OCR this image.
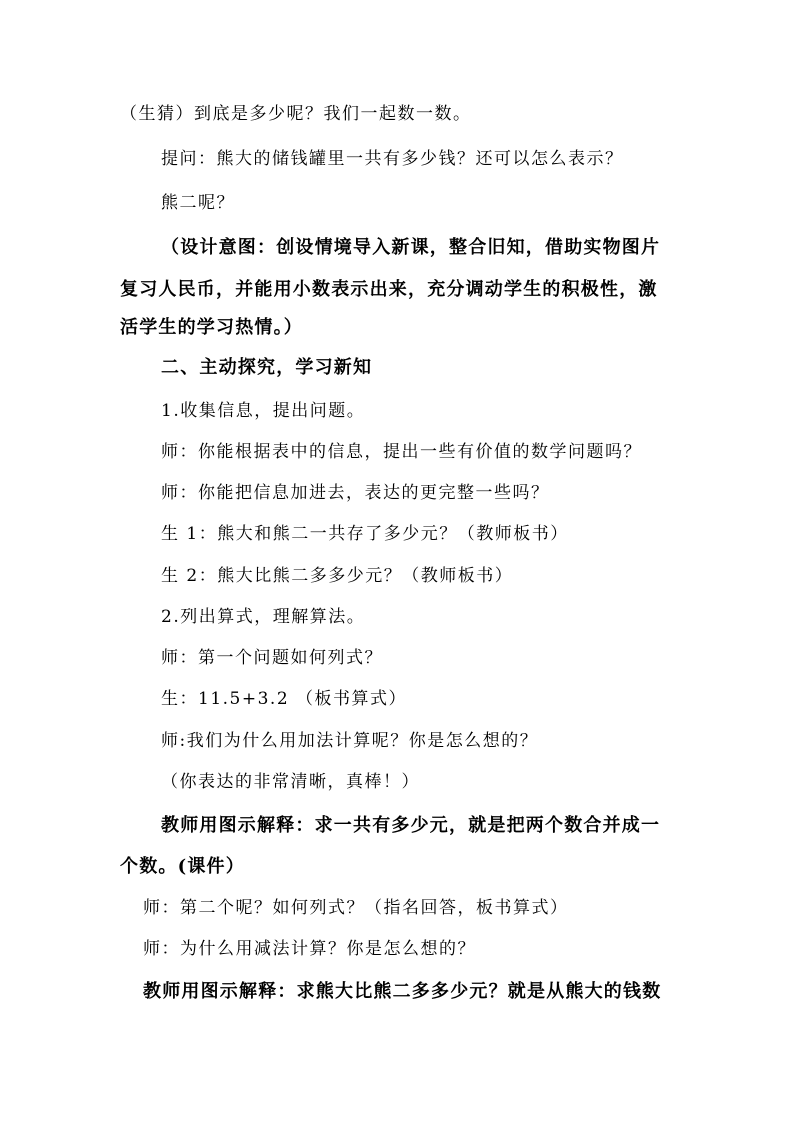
（生猜）到底是多少呢？我们一起数一数。
提问：熊大的储钱罐里一共有多少钱？还可以怎么表示？
熊二呢？
（设计意图：创设情境导入新课，整合旧知，借助实物图片
复习人民币，并能用小数表示出来，充分调动学生的积极性，激
活学生的学习热情。）
二、主动探究，学习新知
1.收集信息，提出问题。
师：你能根据表中的信息，提出一些有价值的数学问题吗？
师：你能把信息加进去，表达的更完整一些吗？
生 1：熊大和熊二一共存了多少元？（教师板书）
生 2：熊大比熊二多多少元？（教师板书）
2.列出算式，理解算法。
师：第一个问题如何列式？
生：11.5+3.2 （板书算式）
师:我们为什么用加法计算呢？你是怎么想的？
（你表达的非常清晰，真棒！）
教师用图示解释：求一共有多少元，就是把两个数合并成一
个数。(课件）
师：第二个呢？如何列式？（指名回答，板书算式）
师：为什么用减法计算？你是怎么想的？
教师用图示解释：求熊大比熊二多多少元？就是从熊大的钱数
